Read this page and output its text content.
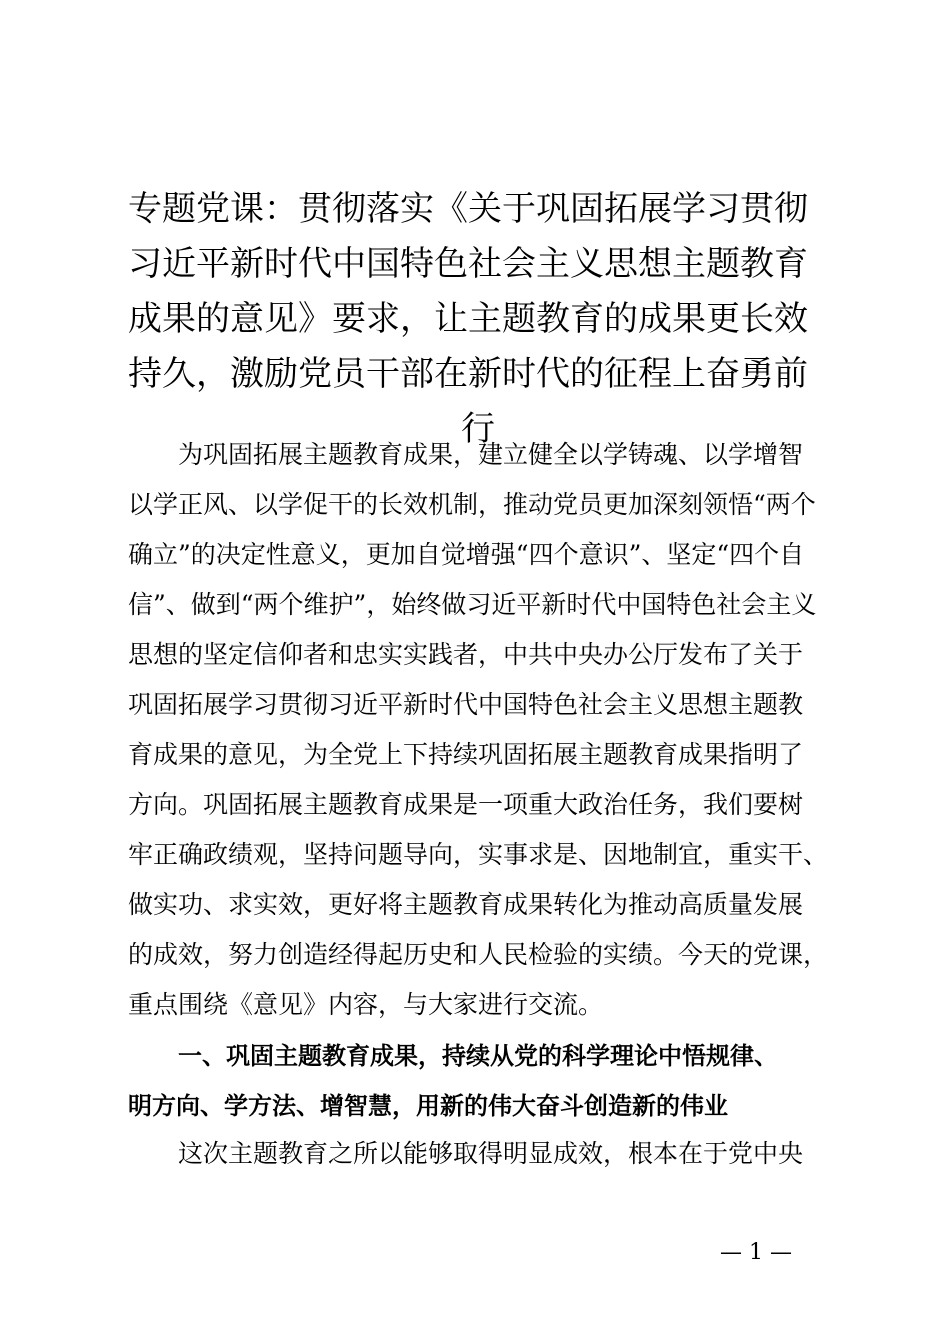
专题党课：贯彻落实《关于巩固拓展学习贯彻
习近平新时代中国特色社会主义思想主题教育
成果的意见》要求，让主题教育的成果更长效
持久，激励党员干部在新时代的征程上奋勇前
行
为巩固拓展主题教育成果，建立健全以学铸魂、以学增智
以学正风、以学促干的长效机制，推动党员更加深刻领悟“两个
确立”的决定性意义，更加自觉增强“四个意识”、坚定“四个自
信”、做到“两个维护”，始终做习近平新时代中国特色社会主义
思想的坚定信仰者和忠实实践者，中共中央办公厅发布了关于
巩固拓展学习贯彻习近平新时代中国特色社会主义思想主题教
育成果的意见，为全党上下持续巩固拓展主题教育成果指明了
方向。巩固拓展主题教育成果是一项重大政治任务，我们要树
牢正确政绩观，坚持问题导向，实事求是、因地制宜，重实干、
做实功、求实效，更好将主题教育成果转化为推动高质量发展
的成效，努力创造经得起历史和人民检验的实绩。今天的党课，
重点围绕《意见》内容，与大家进行交流。
一、巩固主题教育成果，持续从党的科学理论中悟规律、
明方向、学方法、增智慧，用新的伟大奋斗创造新的伟业
这次主题教育之所以能够取得明显成效，根本在于党中央
— 1 —
